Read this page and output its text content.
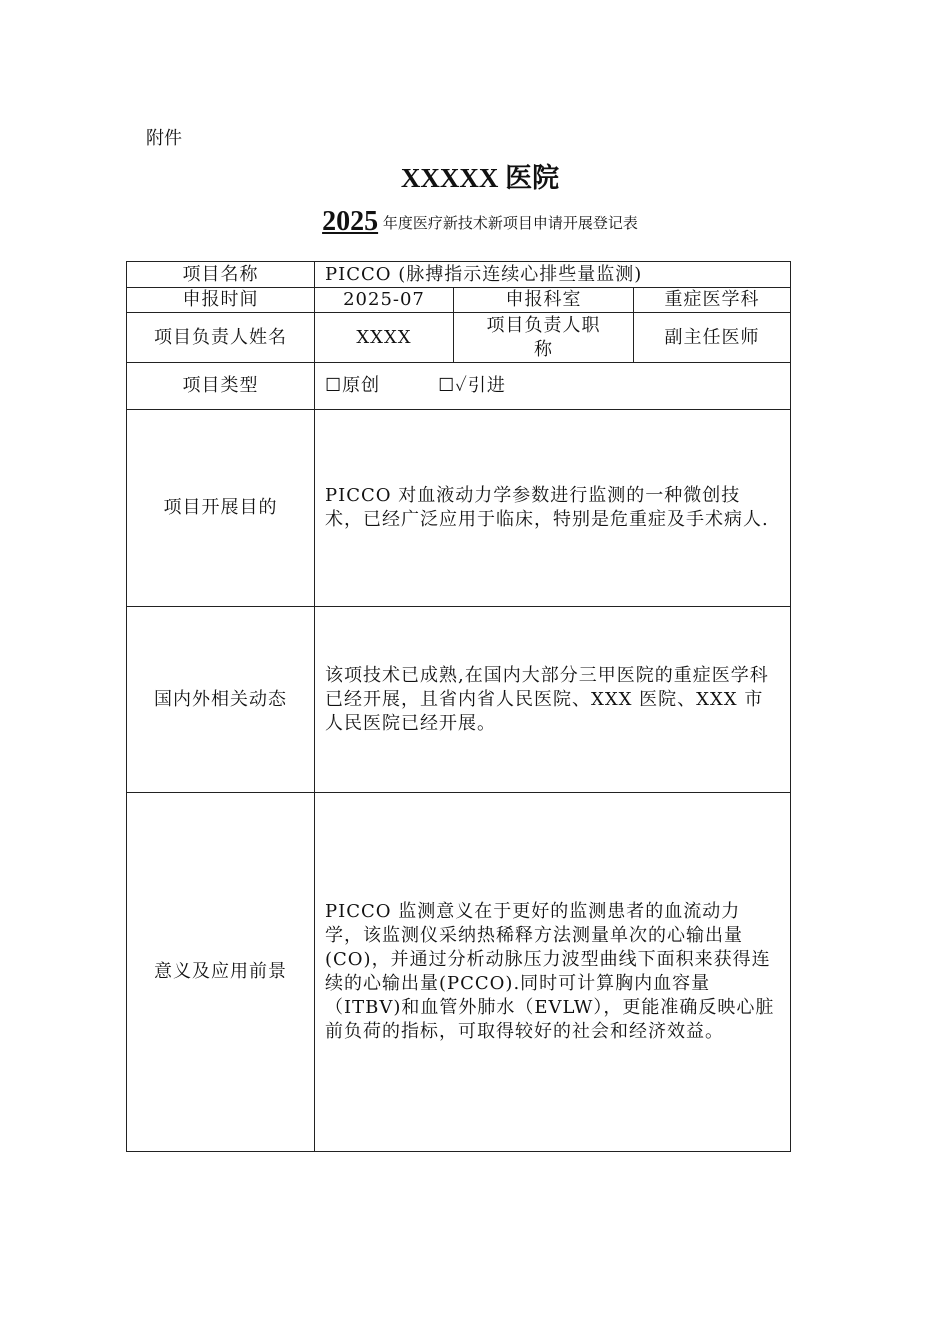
附件
XXXXX 医院
2025 年度医疗新技术新项目申请开展登记表
项目名称	PICCO (脉搏指示连续心排些量监测)		
申报时间	2025-07	申报科室	重症医学科
项目负责人姓名	XXXX	项目负责人职称	副主任医师
项目类型	☐原创 ☐✓引进		
项目开展目的	PICCO 对血液动力学参数进行监测的一种微创技 术，已经广泛应用于临床，特别是危重症及手术病人.		
国内外相关动态	该项技术已成熟,在国内大部分三甲医院的重症医学科已经开展，且省内省人民医院、XXX 医院、XXX 市人民医院已经开展。		
意义及应用前景	PICCO 监测意义在于更好的监测患者的血流动力学，该监测仪采纳热稀释方法测量单次的心输出量(CO)，并通过分析动脉压力波型曲线下面积来获得连续的心输出量(PCCO).同时可计算胸内血容量（ITBV)和血管外肺水（EVLW），更能准确反映心脏前负荷的指标，可取得较好的社会和经济效益。		
